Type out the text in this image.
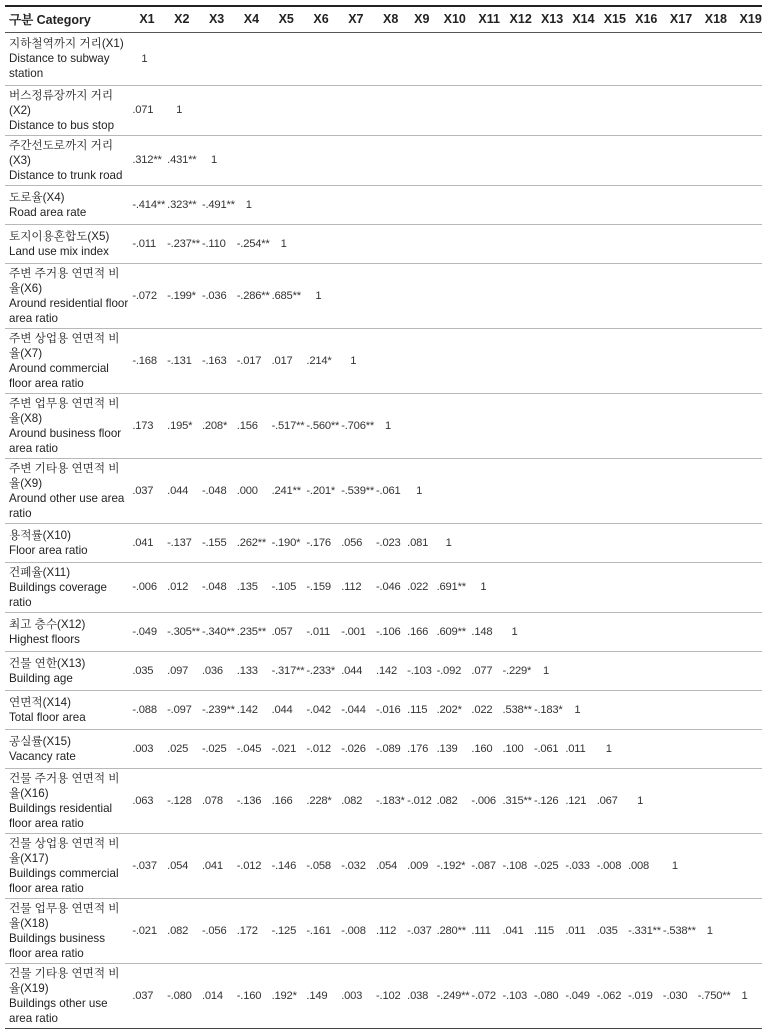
구분 Category	X1	X2	X3	X4	X5	X6	X7	X8	X9	X10	X11	X12	X13	X14	X15	X16	X17	X18	X19

지하철역까지 거리(X1)
Distance to subway station	1																		

버스정류장까지 거리(X2)
Distance to bus stop	.071	1																	

주간선도로까지 거리(X3)
Distance to trunk road	.312**	.431**	1																

도로율(X4)
Road area rate	-.414**	.323**	-.491**	1															

토지이용혼합도(X5)
Land use mix index	-.011	-.237**	-.110	-.254**	1														

주변 주거용 연면적 비율(X6)
Around residential floor area ratio	-.072	-.199*	-.036	-.286**	.685**	1													

주변 상업용 연면적 비율(X7)
Around commercial floor area ratio	-.168	-.131	-.163	-.017	.017	.214*	1												

주변 업무용 연면적 비율(X8)
Around business floor area ratio	.173	.195*	.208*	.156	-.517**	-.560**	-.706**	1											

주변 기타용 연면적 비율(X9)
Around other use area ratio	.037	.044	-.048	.000	.241**	-.201*	-.539**	-.061	1										

용적률(X10)
Floor area ratio	.041	-.137	-.155	.262**	-.190*	-.176	.056	-.023	.081	1									

건폐율(X11)
Buildings coverage ratio	-.006	.012	-.048	.135	-.105	-.159	.112	-.046	.022	.691**	1								

최고 층수(X12)
Highest floors	-.049	-.305**	-.340**	.235**	.057	-.011	-.001	-.106	.166	.609**	.148	1							

건물 연한(X13)
Building age	.035	.097	.036	.133	-.317**	-.233*	.044	.142	-.103	-.092	.077	-.229*	1						

연면적(X14)
Total floor area	-.088	-.097	-.239**	.142	.044	-.042	-.044	-.016	.115	.202*	.022	.538**	-.183*	1					

공실률(X15)
Vacancy rate	.003	.025	-.025	-.045	-.021	-.012	-.026	-.089	.176	.139	.160	.100	-.061	.011	1				

건물 주거용 연면적 비율(X16)
Buildings residential floor area ratio	.063	-.128	.078	-.136	.166	.228*	.082	-.183*	-.012	.082	-.006	.315**	-.126	.121	.067	1			

건물 상업용 연면적 비율(X17)
Buildings commercial floor area ratio	-.037	.054	.041	-.012	-.146	-.058	-.032	.054	.009	-.192*	-.087	-.108	-.025	-.033	-.008	.008	1		

건물 업무용 연면적 비율(X18)
Buildings business floor area ratio	-.021	.082	-.056	.172	-.125	-.161	-.008	.112	-.037	.280**	.111	.041	.115	.011	.035	-.331**	-.538**	1	

건물 기타용 연면적 비율(X19)
Buildings other use area ratio	.037	-.080	.014	-.160	.192*	.149	.003	-.102	.038	-.249**	-.072	-.103	-.080	-.049	-.062	-.019	-.030	-.750**	1
